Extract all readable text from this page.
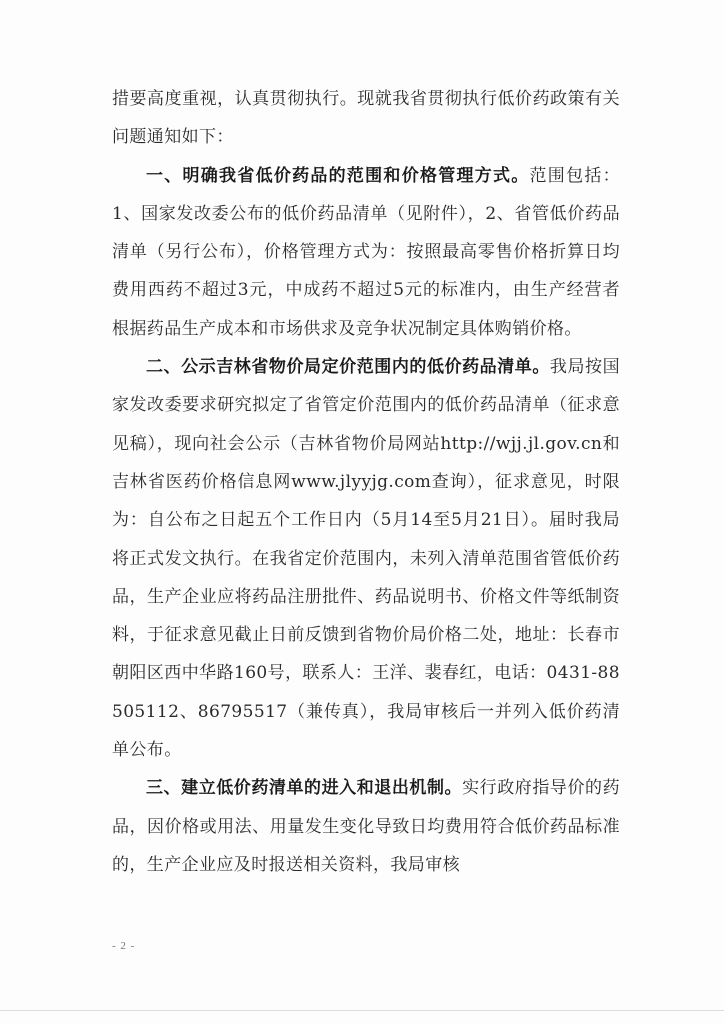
措要高度重视，认真贯彻执行。现就我省贯彻执行低价药政策有关问题通知如下：

一、明确我省低价药品的范围和价格管理方式。范围包括：1、国家发改委公布的低价药品清单（见附件），2、省管低价药品清单（另行公布），价格管理方式为：按照最高零售价格折算日均费用西药不超过3元，中成药不超过5元的标准内，由生产经营者根据药品生产成本和市场供求及竞争状况制定具体购销价格。

二、公示吉林省物价局定价范围内的低价药品清单。我局按国家发改委要求研究拟定了省管定价范围内的低价药品清单（征求意见稿），现向社会公示（吉林省物价局网站http://wjj.jl.gov.cn和吉林省医药价格信息网www.jlyyjg.com查询），征求意见，时限为：自公布之日起五个工作日内（5月14至5月21日）。届时我局将正式发文执行。在我省定价范围内，未列入清单范围省管低价药品，生产企业应将药品注册批件、药品说明书、价格文件等纸制资料，于征求意见截止日前反馈到省物价局价格二处，地址：长春市朝阳区西中华路160号，联系人：王洋、裴春红，电话：0431-88505112、86795517（兼传真），我局审核后一并列入低价药清单公布。

三、建立低价药清单的进入和退出机制。实行政府指导价的药品，因价格或用法、用量发生变化导致日均费用符合低价药品标准的，生产企业应及时报送相关资料，我局审核

- 2 -
